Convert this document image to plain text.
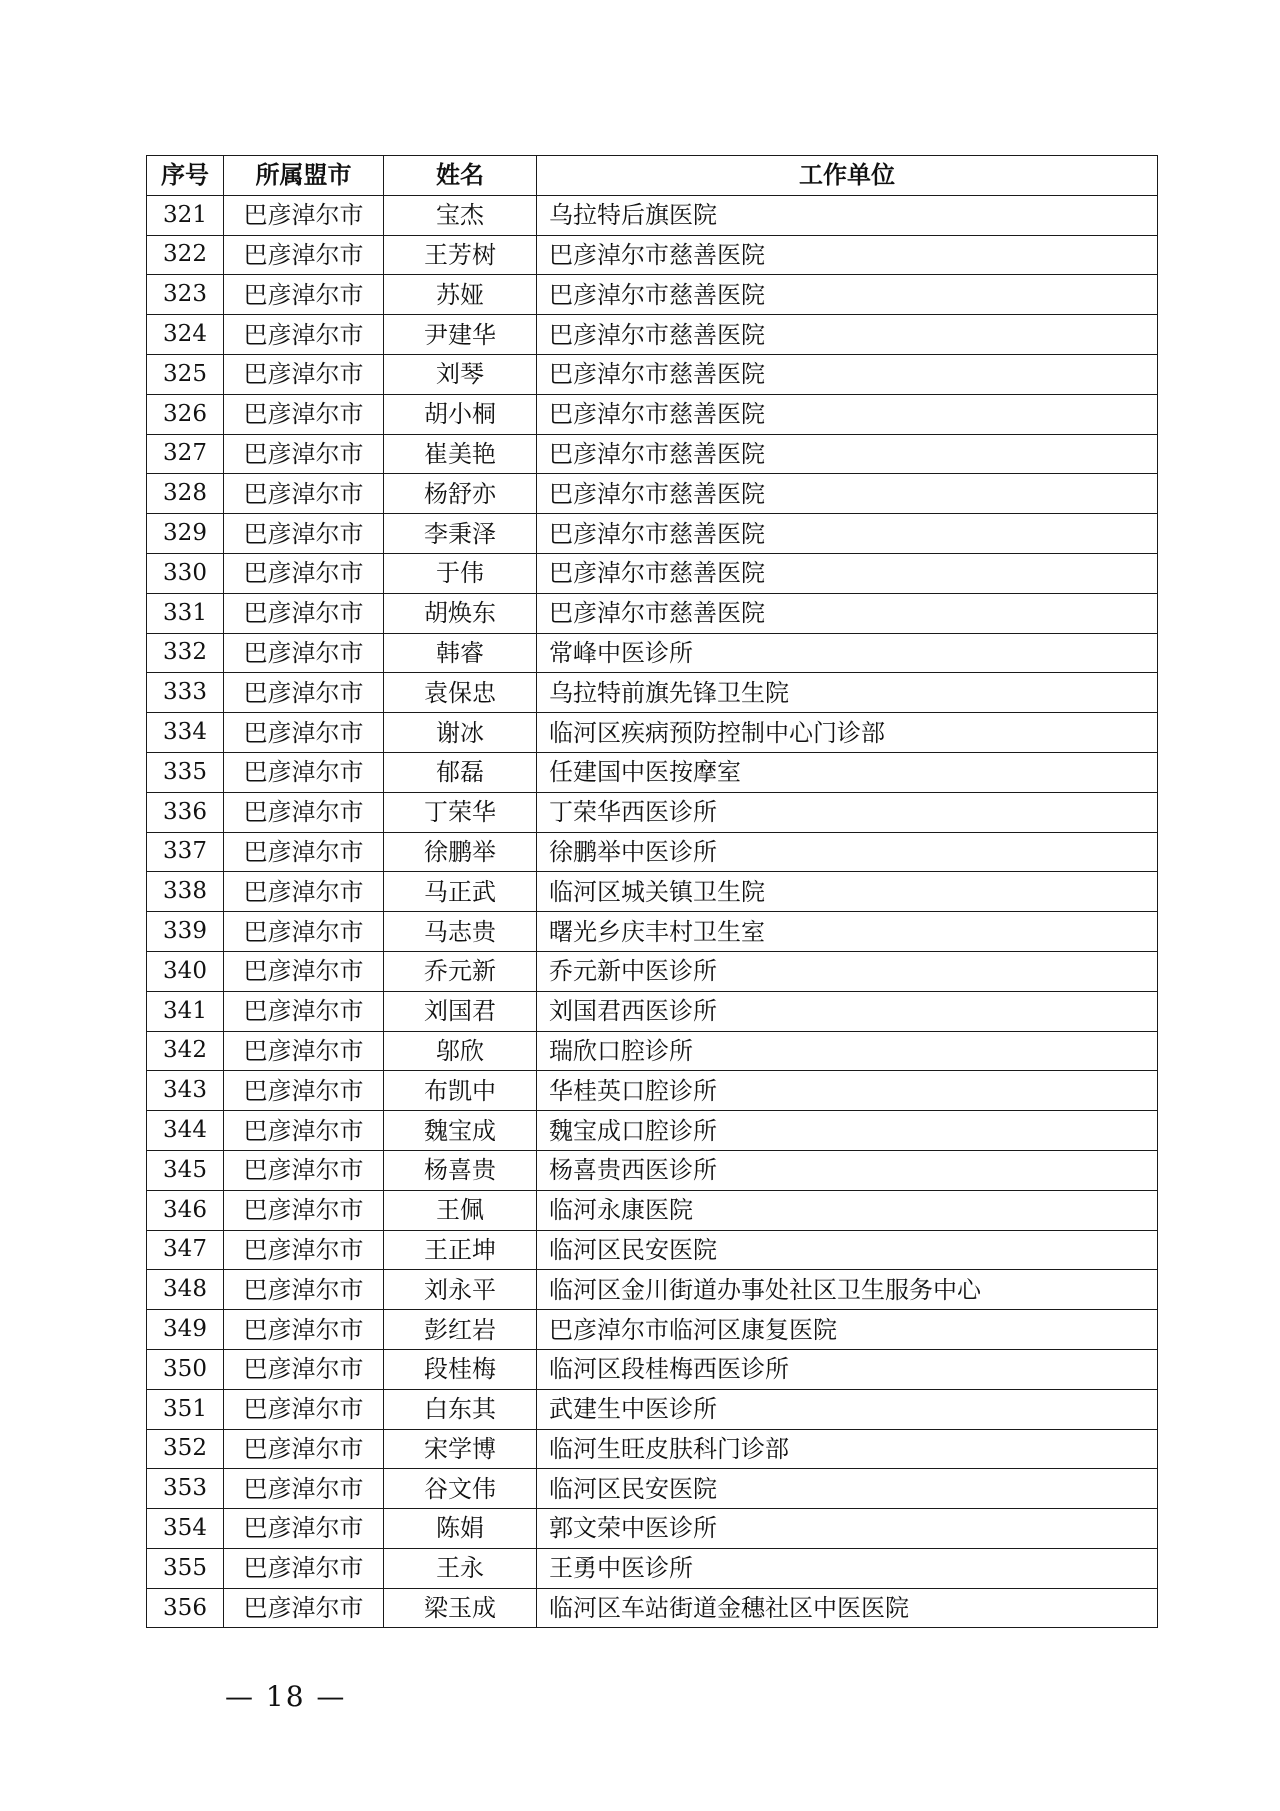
序号	所属盟市	姓名	工作单位
321	巴彦淖尔市	宝杰	乌拉特后旗医院
322	巴彦淖尔市	王芳树	巴彦淖尔市慈善医院
323	巴彦淖尔市	苏娅	巴彦淖尔市慈善医院
324	巴彦淖尔市	尹建华	巴彦淖尔市慈善医院
325	巴彦淖尔市	刘琴	巴彦淖尔市慈善医院
326	巴彦淖尔市	胡小桐	巴彦淖尔市慈善医院
327	巴彦淖尔市	崔美艳	巴彦淖尔市慈善医院
328	巴彦淖尔市	杨舒亦	巴彦淖尔市慈善医院
329	巴彦淖尔市	李秉泽	巴彦淖尔市慈善医院
330	巴彦淖尔市	于伟	巴彦淖尔市慈善医院
331	巴彦淖尔市	胡焕东	巴彦淖尔市慈善医院
332	巴彦淖尔市	韩睿	常峰中医诊所
333	巴彦淖尔市	袁保忠	乌拉特前旗先锋卫生院
334	巴彦淖尔市	谢冰	临河区疾病预防控制中心门诊部
335	巴彦淖尔市	郁磊	任建国中医按摩室
336	巴彦淖尔市	丁荣华	丁荣华西医诊所
337	巴彦淖尔市	徐鹏举	徐鹏举中医诊所
338	巴彦淖尔市	马正武	临河区城关镇卫生院
339	巴彦淖尔市	马志贵	曙光乡庆丰村卫生室
340	巴彦淖尔市	乔元新	乔元新中医诊所
341	巴彦淖尔市	刘国君	刘国君西医诊所
342	巴彦淖尔市	邬欣	瑞欣口腔诊所
343	巴彦淖尔市	布凯中	华桂英口腔诊所
344	巴彦淖尔市	魏宝成	魏宝成口腔诊所
345	巴彦淖尔市	杨喜贵	杨喜贵西医诊所
346	巴彦淖尔市	王佩	临河永康医院
347	巴彦淖尔市	王正坤	临河区民安医院
348	巴彦淖尔市	刘永平	临河区金川街道办事处社区卫生服务中心
349	巴彦淖尔市	彭红岩	巴彦淖尔市临河区康复医院
350	巴彦淖尔市	段桂梅	临河区段桂梅西医诊所
351	巴彦淖尔市	白东其	武建生中医诊所
352	巴彦淖尔市	宋学博	临河生旺皮肤科门诊部
353	巴彦淖尔市	谷文伟	临河区民安医院
354	巴彦淖尔市	陈娟	郭文荣中医诊所
355	巴彦淖尔市	王永	王勇中医诊所
356	巴彦淖尔市	梁玉成	临河区车站街道金穗社区中医医院
— 18 —
